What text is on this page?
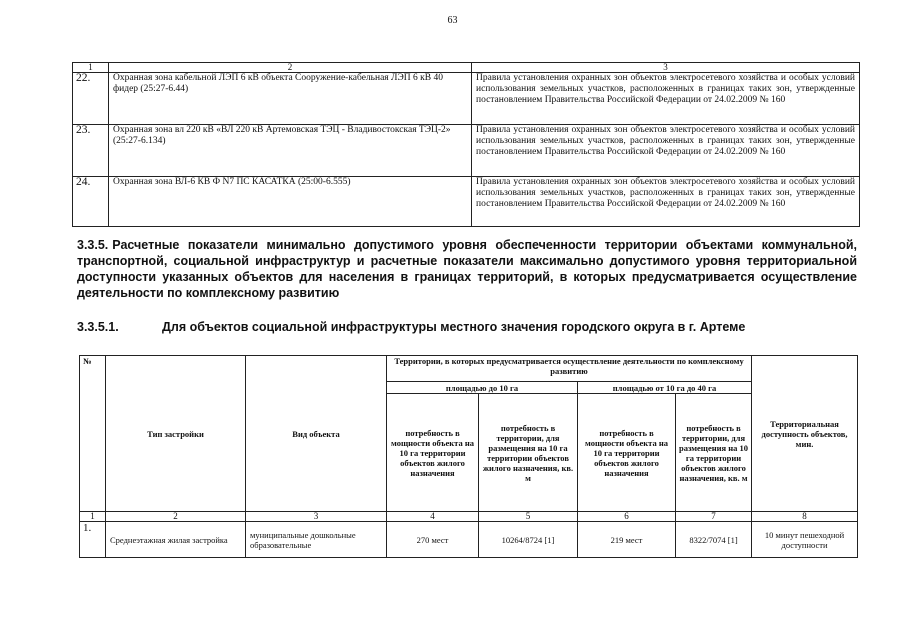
63
1	2	3
22.	Охранная зона кабельной ЛЭП 6 кВ объекта Сооружение-кабельная ЛЭП 6 кВ 40 фидер (25:27-6.44)	Правила установления охранных зон объектов электросетевого хозяйства и особых условий использования земельных участков, расположенных в границах таких зон, утвержденные постановлением Правительства Российской Федерации от 24.02.2009 № 160
23.	Охранная зона вл 220 кВ «ВЛ 220 кВ Артемовская ТЭЦ - Владивостокская ТЭЦ-2» (25:27-6.134)	Правила установления охранных зон объектов электросетевого хозяйства и особых условий использования земельных участков, расположенных в границах таких зон, утвержденные постановлением Правительства Российской Федерации от 24.02.2009 № 160
24.	Охранная зона ВЛ-6 КВ Ф N7 ПС КАСАТКА (25:00-6.555)	Правила установления охранных зон объектов электросетевого хозяйства и особых условий использования земельных участков, расположенных в границах таких зон, утвержденные постановлением Правительства Российской Федерации от 24.02.2009 № 160
3.3.5. Расчетные показатели минимально допустимого уровня обеспеченности территории объектами коммунальной, транспортной, социальной инфраструктур и расчетные показатели максимально допустимого уровня территориальной доступности указанных объектов для населения в границах территорий, в которых предусматривается осуществление деятельности по комплексному развитию
3.3.5.1.	Для объектов социальной инфраструктуры местного значения городского округа в г. Артеме
№	Тип застройки	Вид объекта	Территории, в которых предусматривается осуществление деятельности по комплексному развитию				Территориальная доступность объектов, мин.
			площадью до 10 га		площадью от 10 га до 40 га		
			потребность в мощности объекта на 10 га территории объектов жилого назначения	потребность в территории, для размещения на 10 га территории объектов жилого назначения, кв. м	потребность в мощности объекта на 10 га территории объектов жилого назначения	потребность в территории, для размещения на 10 га территории объектов жилого назначения, кв. м	
1	2	3	4	5	6	7	8
1.	Среднеэтажная жилая застройка	муниципальные дошкольные образовательные	270 мест	10264/8724 [1]	219 мест	8322/7074 [1]	10 минут пешеходной доступности
